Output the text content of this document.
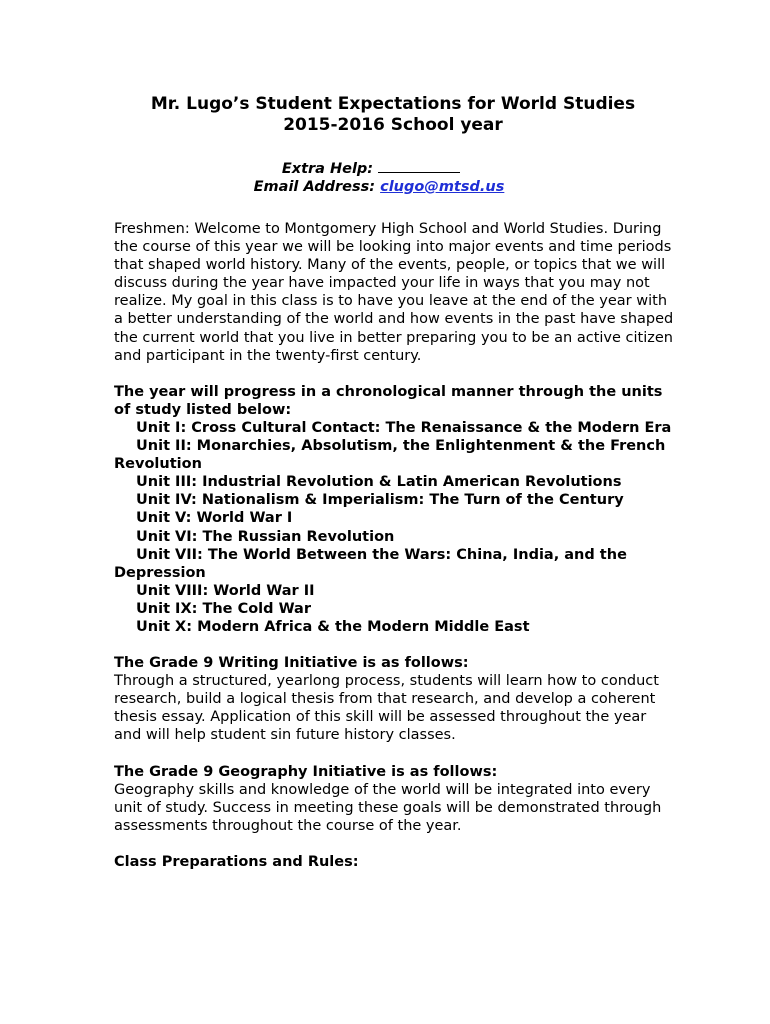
Mr. Lugo’s Student Expectations for World Studies
2015-2016 School year
Extra Help:
Email Address: clugo@mtsd.us

Freshmen: Welcome to Montgomery High School and World Studies. During the course of this year we will be looking into major events and time periods that shaped world history. Many of the events, people, or topics that we will discuss during the year have impacted your life in ways that you may not realize. My goal in this class is to have you leave at the end of the year with a better understanding of the world and how events in the past have shaped the current world that you live in better preparing you to be an active citizen and participant in the twenty-first century.

The year will progress in a chronological manner through the units of study listed below:

Unit I: Cross Cultural Contact: The Renaissance & the Modern Era
Unit II: Monarchies, Absolutism, the Enlightenment & the French Revolution
Unit III: Industrial Revolution & Latin American Revolutions
Unit IV: Nationalism & Imperialism: The Turn of the Century
Unit V: World War I
Unit VI: The Russian Revolution
Unit VII: The World Between the Wars: China, India, and the Depression
Unit VIII: World War II
Unit IX: The Cold War
Unit X: Modern Africa & the Modern Middle East

The Grade 9 Writing Initiative is as follows:

Through a structured, yearlong process, students will learn how to conduct research, build a logical thesis from that research, and develop a coherent thesis essay. Application of this skill will be assessed throughout the year and will help student sin future history classes.

The Grade 9 Geography Initiative is as follows:

Geography skills and knowledge of the world will be integrated into every unit of study. Success in meeting these goals will be demonstrated through assessments throughout the course of the year.

Class Preparations and Rules:
